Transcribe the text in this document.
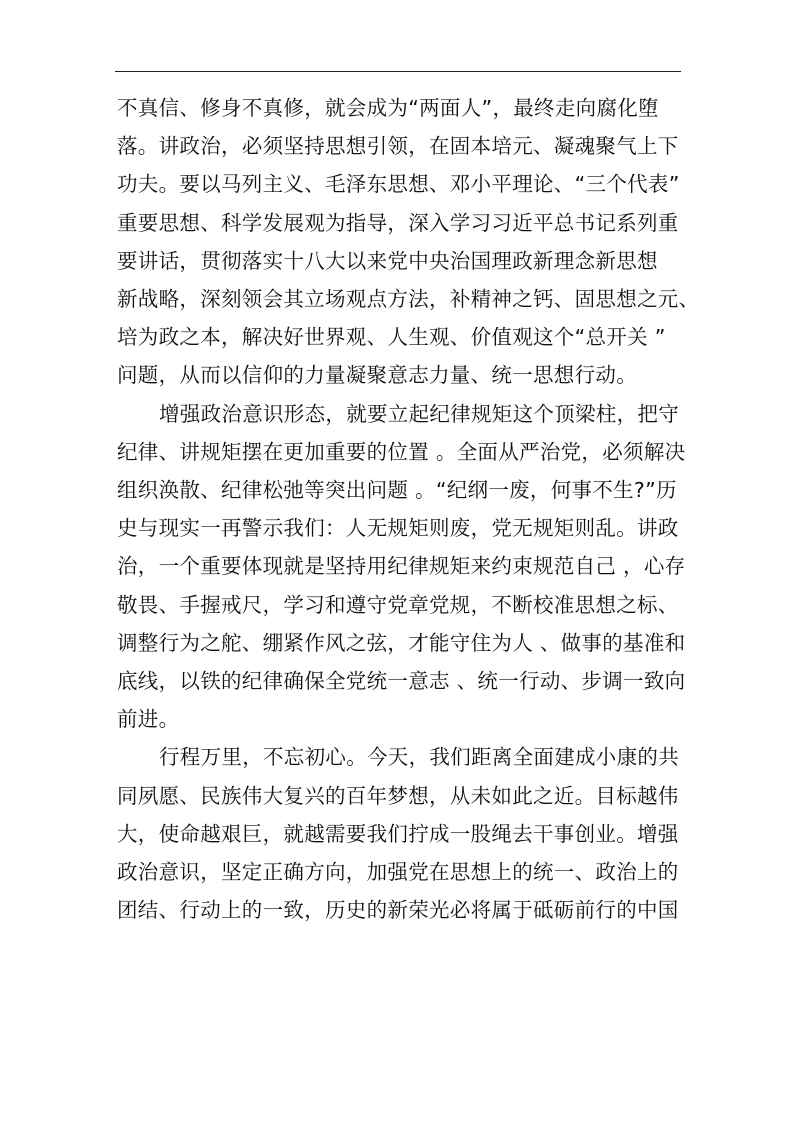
不真信、修身不真修，就会成为“两面人”，最终走向腐化堕
落。讲政治，必须坚持思想引领，在固本培元、凝魂聚气上下
功夫。要以马列主义、毛泽东思想、邓小平理论、“三个代表”
重要思想、科学发展观为指导，深入学习习近平总书记系列重
要讲话，贯彻落实十八大以来党中央治国理政新理念新思想
新战略，深刻领会其立场观点方法，补精神之钙、固思想之元、
培为政之本，解决好世界观、人生观、价值观这个“总开关 ”
问题，从而以信仰的力量凝聚意志力量、统一思想行动。
增强政治意识形态，就要立起纪律规矩这个顶梁柱，把守
纪律、讲规矩摆在更加重要的位置 。全面从严治党，必须解决
组织涣散、纪律松弛等突出问题 。“纪纲一废，何事不生?”历
史与现实一再警示我们：人无规矩则废，党无规矩则乱。讲政
治，一个重要体现就是坚持用纪律规矩来约束规范自己 ，心存
敬畏、手握戒尺，学习和遵守党章党规，不断校准思想之标、
调整行为之舵、绷紧作风之弦，才能守住为人 、做事的基准和
底线，以铁的纪律确保全党统一意志 、统一行动、步调一致向
前进。
行程万里，不忘初心。今天，我们距离全面建成小康的共
同夙愿、民族伟大复兴的百年梦想，从未如此之近。目标越伟
大，使命越艰巨，就越需要我们拧成一股绳去干事创业。增强
政治意识，坚定正确方向，加强党在思想上的统一、政治上的
团结、行动上的一致，历史的新荣光必将属于砥砺前行的中国
